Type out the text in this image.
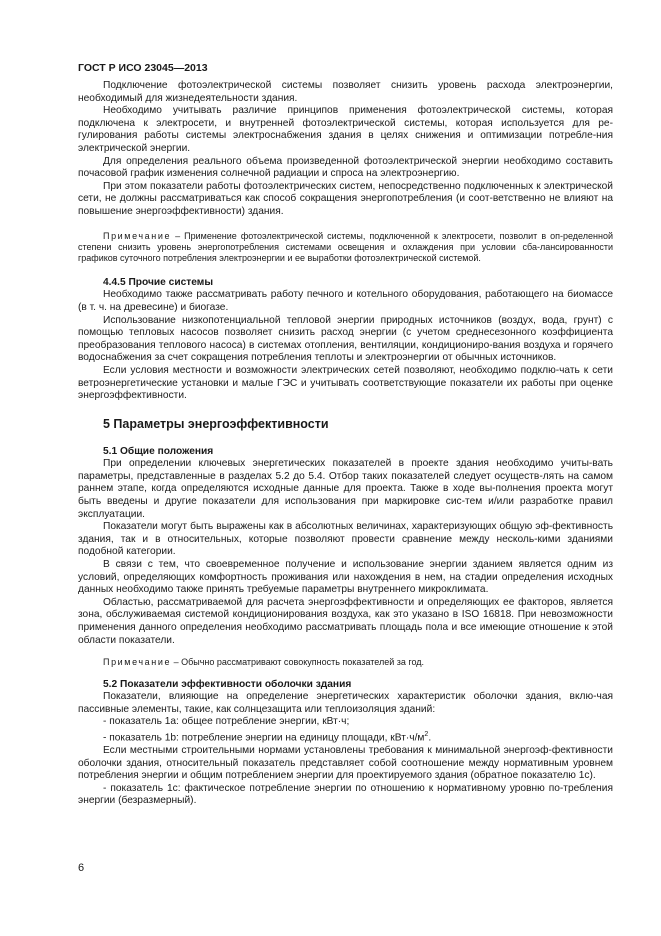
ГОСТ Р ИСО 23045—2013

Подключение фотоэлектрической системы позволяет снизить уровень расхода электроэнергии, необходимый для жизнедеятельности здания.

Необходимо учитывать различие принципов применения фотоэлектрической системы, которая подключена к электросети, и внутренней фотоэлектрической системы, которая используется для ре-гулирования работы системы электроснабжения здания в целях снижения и оптимизации потребле-ния электрической энергии.

Для определения реального объема произведенной фотоэлектрической энергии необходимо составить почасовой график изменения солнечной радиации и спроса на электроэнергию.

При этом показатели работы фотоэлектрических систем, непосредственно подключенных к электрической сети, не должны рассматриваться как способ сокращения энергопотребления (и соот-ветственно не влияют на повышение энергоэффективности) здания.

Примечание – Применение фотоэлектрической системы, подключенной к электросети, позволит в оп-ределенной степени снизить уровень энергопотребления системами освещения и охлаждения при условии сба-лансированности графиков суточного потребления электроэнергии и ее выработки фотоэлектрической системой.

4.4.5 Прочие системы

Необходимо также рассматривать работу печного и котельного оборудования, работающего на биомассе (в т. ч. на древесине) и биогазе.

Использование низкопотенциальной тепловой энергии природных источников (воздух, вода, грунт) с помощью тепловых насосов позволяет снизить расход энергии (с учетом среднесезонного коэффициента преобразования теплового насоса) в системах отопления, вентиляции, кондициониро-вания воздуха и горячего водоснабжения за счет сокращения потребления теплоты и электроэнергии от обычных источников.

Если условия местности и возможности электрических сетей позволяют, необходимо подклю-чать к сети ветроэнергетические установки и малые ГЭС и учитывать соответствующие показатели их работы при оценке энергоэффективности.

5 Параметры энергоэффективности
5.1 Общие положения

При определении ключевых энергетических показателей в проекте здания необходимо учиты-вать параметры, представленные в разделах 5.2 до 5.4. Отбор таких показателей следует осуществ-лять на самом раннем этапе, когда определяются исходные данные для проекта. Также в ходе вы-полнения проекта могут быть введены и другие показатели для использования при маркировке сис-тем и/или разработке правил эксплуатации.

Показатели могут быть выражены как в абсолютных величинах, характеризующих общую эф-фективность здания, так и в относительных, которые позволяют провести сравнение между несколь-кими зданиями подобной категории.

В связи с тем, что своевременное получение и использование энергии зданием является одним из условий, определяющих комфортность проживания или нахождения в нем, на стадии определения исходных данных необходимо также принять требуемые параметры внутреннего микроклимата.

Областью, рассматриваемой для расчета энергоэффективности и определяющих ее факторов, является зона, обслуживаемая системой кондиционирования воздуха, как это указано в ISO 16818. При невозможности применения данного определения необходимо рассматривать площадь пола и все имеющие отношение к этой области показатели.

Примечание – Обычно рассматривают совокупность показателей за год.

5.2 Показатели эффективности оболочки здания

Показатели, влияющие на определение энергетических характеристик оболочки здания, вклю-чая пассивные элементы, такие, как солнцезащита или теплоизоляция зданий:

- показатель 1a: общее потребление энергии, кВт·ч;

- показатель 1b: потребление энергии на единицу площади, $кВт\cdot ч/м^2$.

Если местными строительными нормами установлены требования к минимальной энергоэф-фективности оболочки здания, относительный показатель представляет собой соотношение между нормативным уровнем потребления энергии и общим потреблением энергии для проектируемого здания (обратное показателю 1c).

- показатель 1c: фактическое потребление энергии по отношению к нормативному уровню по-требления энергии (безразмерный).

6
